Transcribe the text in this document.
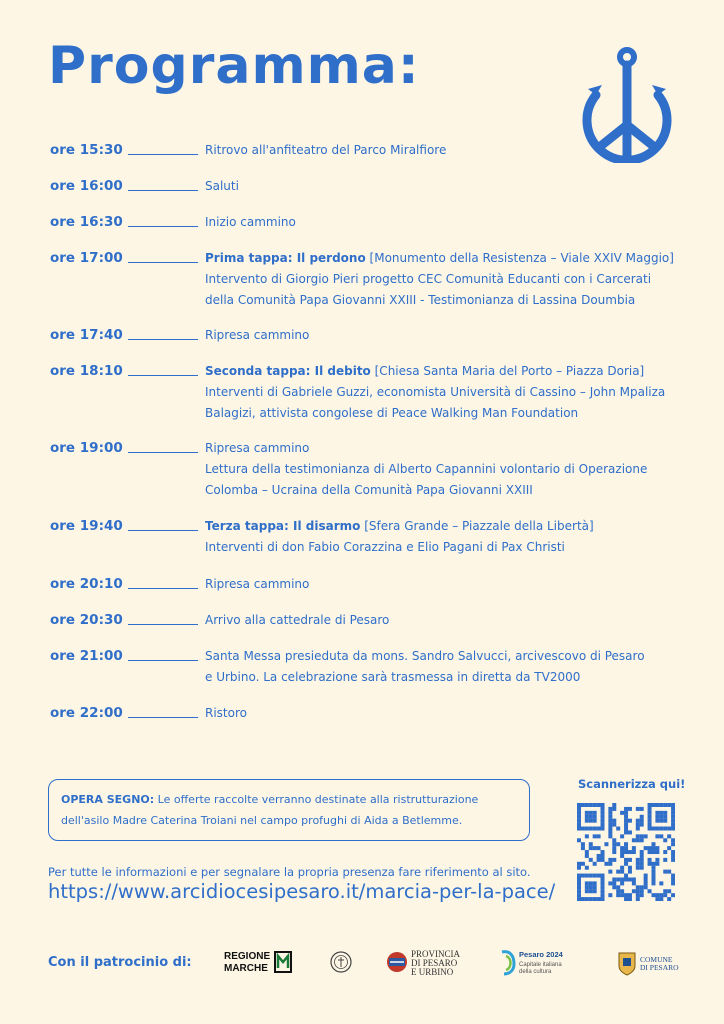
Programma:
ore 15:30	Ritrovo all'anfiteatro del Parco Miralfiore
ore 16:00	Saluti
ore 16:30	Inizio cammino
ore 17:00	Prima tappa: Il perdono [Monumento della Resistenza – Viale XXIV Maggio]
Intervento di Giorgio Pieri progetto CEC Comunità Educanti con i Carcerati
della Comunità Papa Giovanni XXIII - Testimonianza di Lassina Doumbia
ore 17:40	Ripresa cammino
ore 18:10	Seconda tappa: Il debito [Chiesa Santa Maria del Porto – Piazza Doria]
Interventi di Gabriele Guzzi, economista Università di Cassino – John Mpaliza
Balagizi, attivista congolese di Peace Walking Man Foundation
ore 19:00	Ripresa cammino
Lettura della testimonianza di Alberto Capannini volontario di Operazione
Colomba – Ucraina della Comunità Papa Giovanni XXIII
ore 19:40	Terza tappa: Il disarmo [Sfera Grande – Piazzale della Libertà]
Interventi di don Fabio Corazzina e Elio Pagani di Pax Christi
ore 20:10	Ripresa cammino
ore 20:30	Arrivo alla cattedrale di Pesaro
ore 21:00	Santa Messa presieduta da mons. Sandro Salvucci, arcivescovo di Pesaro
e Urbino. La celebrazione sarà trasmessa in diretta da TV2000
ore 22:00	Ristoro
OPERA SEGNO: Le offerte raccolte verranno destinate alla ristrutturazione
dell'asilo Madre Caterina Troiani nel campo profughi di Aida a Betlemme.
Scannerizza qui!
Per tutte le informazioni e per segnalare la propria presenza fare riferimento al sito.
https://www.arcidiocesipesaro.it/marcia-per-la-pace/
Con il patrocinio di:	REGIONE
MARCHE
PROVINCIA
DI PESARO
E URBINO
Pesaro 2024
Capitale italiana
della cultura
COMUNE
DI PESARO
